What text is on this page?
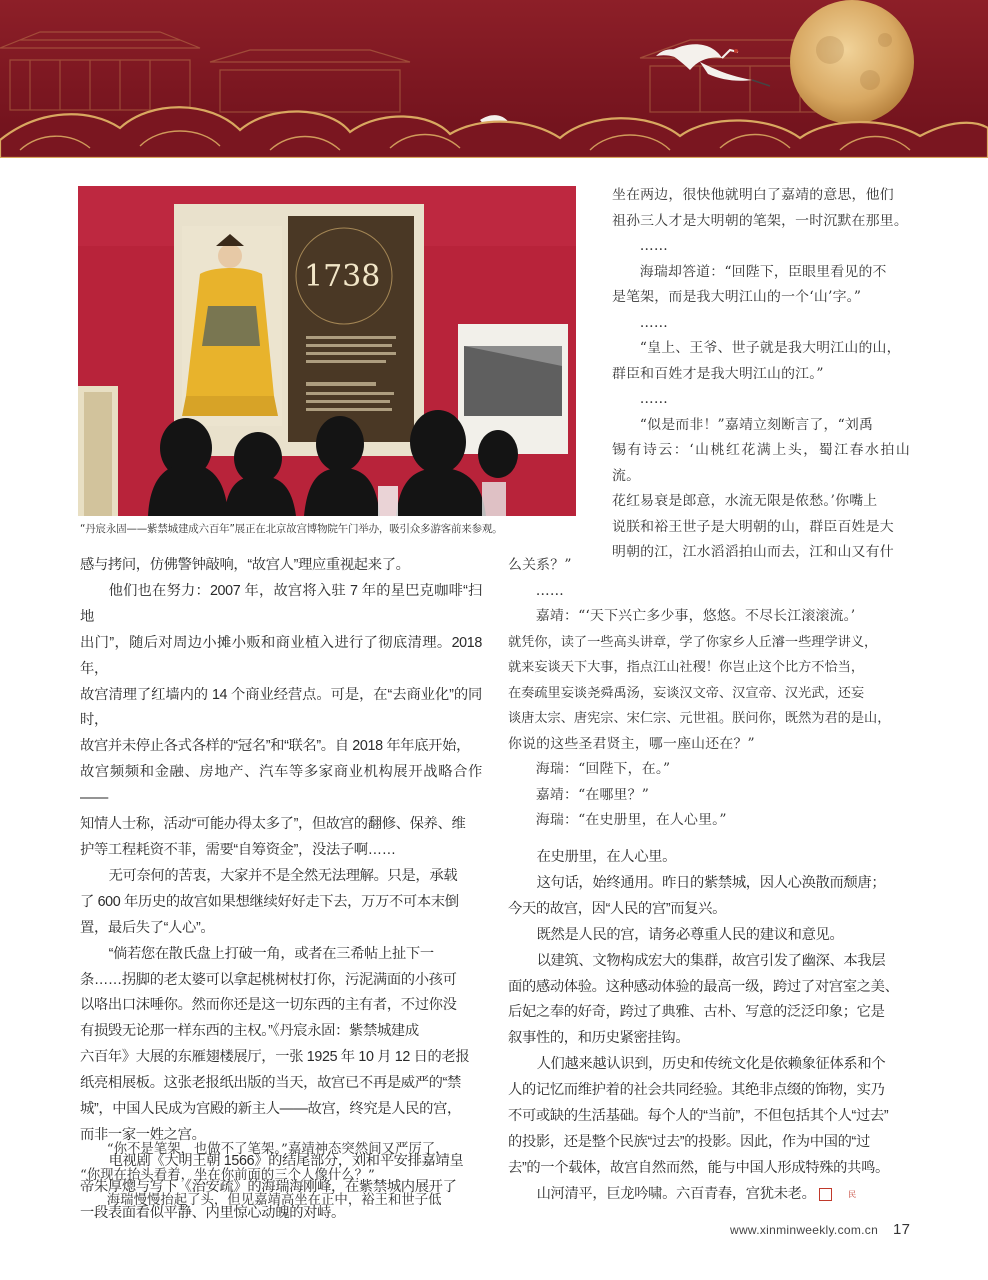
1738
“丹宸永固——紫禁城建成六百年”展正在北京故宫博物院午门举办，吸引众多游客前来参观。

坐在两边，很快他就明白了嘉靖的意思，他们

祖孙三人才是大明朝的笔架，一时沉默在那里。

……

海瑞却答道：“回陛下，臣眼里看见的不

是笔架，而是我大明江山的一个‘山’字。”

……

“皇上、王爷、世子就是我大明江山的山，

群臣和百姓才是我大明江山的江。”

……

“似是而非！”嘉靖立刻断言了，“刘禹

锡有诗云：‘山桃红花满上头，蜀江春水拍山流。

花红易衰是郎意，水流无限是侬愁。’你嘴上

说朕和裕王世子是大明朝的山，群臣百姓是大

明朝的江，江水滔滔拍山而去，江和山又有什

么关系？”

……

嘉靖：“‘天下兴亡多少事，悠悠。不尽长江滚滚流。’

就凭你，读了一些高头讲章，学了你家乡人丘濬一些理学讲义，

就来妄谈天下大事，指点江山社稷！你岂止这个比方不恰当，

在奏疏里妄谈尧舜禹汤，妄谈汉文帝、汉宣帝、汉光武，还妄

谈唐太宗、唐宪宗、宋仁宗、元世祖。朕问你，既然为君的是山，

你说的这些圣君贤主，哪一座山还在？”

海瑞：“回陛下，在。”

嘉靖：“在哪里？”

海瑞：“在史册里，在人心里。”

在史册里，在人心里。

这句话，始终通用。昨日的紫禁城，因人心涣散而颓唐；

今天的故宫，因“人民的宫”而复兴。

既然是人民的宫，请务必尊重人民的建议和意见。

以建筑、文物构成宏大的集群，故宫引发了幽深、本我层

面的感动体验。这种感动体验的最高一级，跨过了对宫室之美、

后妃之奉的好奇，跨过了典雅、古朴、写意的泛泛印象；它是

叙事性的，和历史紧密挂钩。

人们越来越认识到，历史和传统文化是依赖象征体系和个

人的记忆而维护着的社会共同经验。其绝非点缀的饰物，实乃

不可或缺的生活基础。每个人的“当前”，不但包括其个人“过去”

的投影，还是整个民族“过去”的投影。因此，作为中国的“过

去”的一个载体，故宫自然而然，能与中国人形成特殊的共鸣。

山河清平，巨龙吟啸。六百青春，宫犹未老。	民

感与拷问，仿佛警钟敲响，“故宫人”理应重视起来了。

他们也在努力：2007 年，故宫将入驻 7 年的星巴克咖啡“扫地

出门”，随后对周边小摊小贩和商业植入进行了彻底清理。2018 年，

故宫清理了红墙内的 14 个商业经营点。可是，在“去商业化”的同时，

故宫并未停止各式各样的“冠名”和“联名”。自 2018 年年底开始，

故宫频频和金融、房地产、汽车等多家商业机构展开战略合作——

知情人士称，活动“可能办得太多了”，但故宫的翻修、保养、维

护等工程耗资不菲，需要“自筹资金”，没法子啊……

无可奈何的苦衷，大家并不是全然无法理解。只是，承载

了 600 年历史的故宫如果想继续好好走下去，万万不可本末倒

置，最后失了“人心”。

“倘若您在散氏盘上打破一角，或者在三希帖上扯下一

条……拐脚的老太婆可以拿起桃树杖打你，污泥满面的小孩可

以咯出口沫唾你。然而你还是这一切东西的主有者，不过你没

有损毁无论那一样东西的主权。”《丹宸永固：紫禁城建成

六百年》大展的东雁翅楼展厅，一张 1925 年 10 月 12 日的老报

纸亮相展板。这张老报纸出版的当天，故宫已不再是威严的“禁

城”，中国人民成为宫殿的新主人——故宫，终究是人民的宫，

而非一家一姓之宫。

电视剧《大明王朝 1566》的结尾部分，刘和平安排嘉靖皇

帝朱厚熜与写下《治安疏》的海瑞海刚峰，在紫禁城内展开了

一段表面看似平静、内里惊心动魄的对峙。

“你不是笔架，也做不了笔架。”嘉靖神态突然间又严厉了，

“你现在抬头看着，坐在你前面的三个人像什么？”

海瑞慢慢抬起了头，但见嘉靖高坐在正中，裕王和世子低

www.xinminweekly.com.cn 17
